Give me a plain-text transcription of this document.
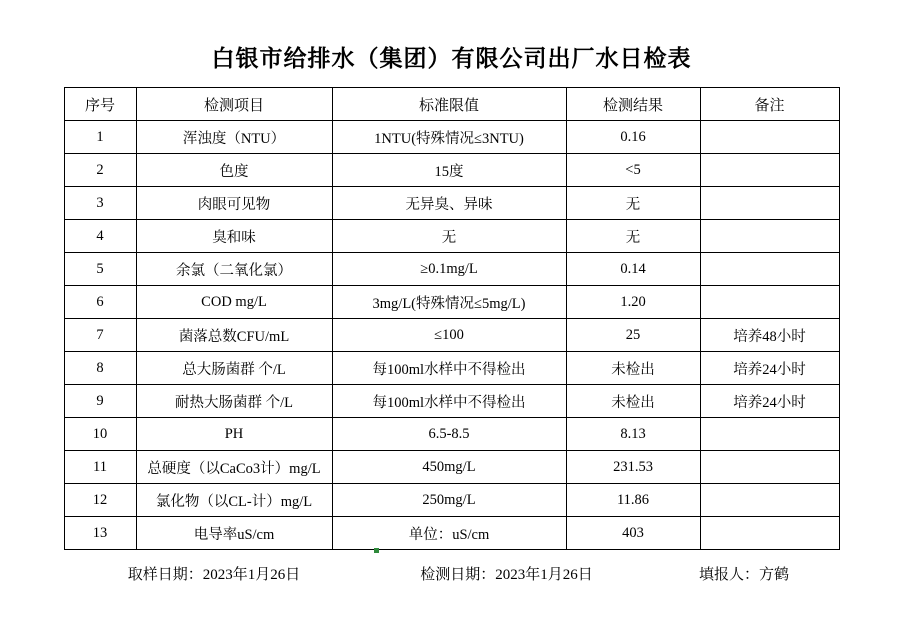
白银市给排水（集团）有限公司出厂水日检表
序号	检测项目	标准限值	检测结果	备注
1	浑浊度（NTU）	1NTU(特殊情况≤3NTU)	0.16	
2	色度	15度	<5	
3	肉眼可见物	无异臭、异味	无	
4	臭和味	无	无	
5	余氯（二氧化氯）	≥0.1mg/L	0.14	
6	COD mg/L	3mg/L(特殊情况≤5mg/L)	1.20	
7	菌落总数CFU/mL	≤100	25	培养48小时
8	总大肠菌群 个/L	每100ml水样中不得检出	未检出	培养24小时
9	耐热大肠菌群 个/L	每100ml水样中不得检出	未检出	培养24小时
10	PH	6.5-8.5	8.13	
11	总硬度（以CaCo3计）mg/L	450mg/L	231.53	
12	氯化物（以CL-计）mg/L	250mg/L	11.86	
13	电导率uS/cm	单位：uS/cm	403	
取样日期：2023年1月26日	检测日期：2023年1月26日	填报人：方鹤
